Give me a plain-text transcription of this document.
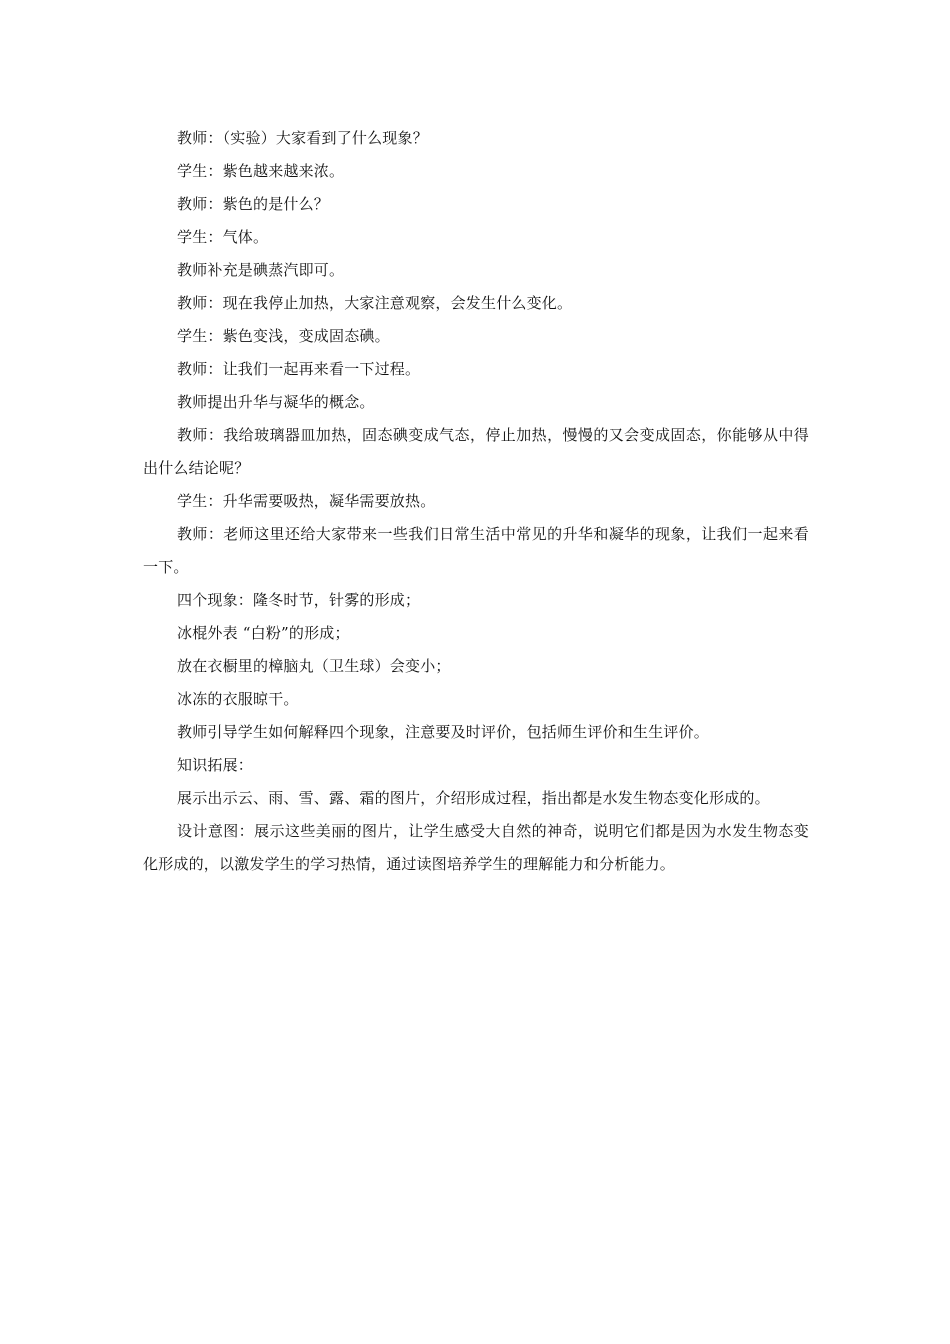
教师：（实验）大家看到了什么现象？

学生：紫色越来越来浓。

教师：紫色的是什么？

学生：气体。

教师补充是碘蒸汽即可。

教师：现在我停止加热，大家注意观察，会发生什么变化。

学生：紫色变浅，变成固态碘。

教师：让我们一起再来看一下过程。

教师提出升华与凝华的概念。

教师：我给玻璃器皿加热，固态碘变成气态，停止加热，慢慢的又会变成固态，你能够从中得出什么结论呢？

学生：升华需要吸热，凝华需要放热。

教师：老师这里还给大家带来一些我们日常生活中常见的升华和凝华的现象，让我们一起来看一下。

四个现象：隆冬时节，针雾的形成；

冰棍外表 “白粉”的形成；

放在衣橱里的樟脑丸（卫生球）会变小；

冰冻的衣服晾干。

教师引导学生如何解释四个现象，注意要及时评价，包括师生评价和生生评价。

知识拓展：

展示出示云、雨、雪、露、霜的图片，介绍形成过程，指出都是水发生物态变化形成的。

设计意图：展示这些美丽的图片，让学生感受大自然的神奇，说明它们都是因为水发生物态变化形成的，以激发学生的学习热情，通过读图培养学生的理解能力和分析能力。
